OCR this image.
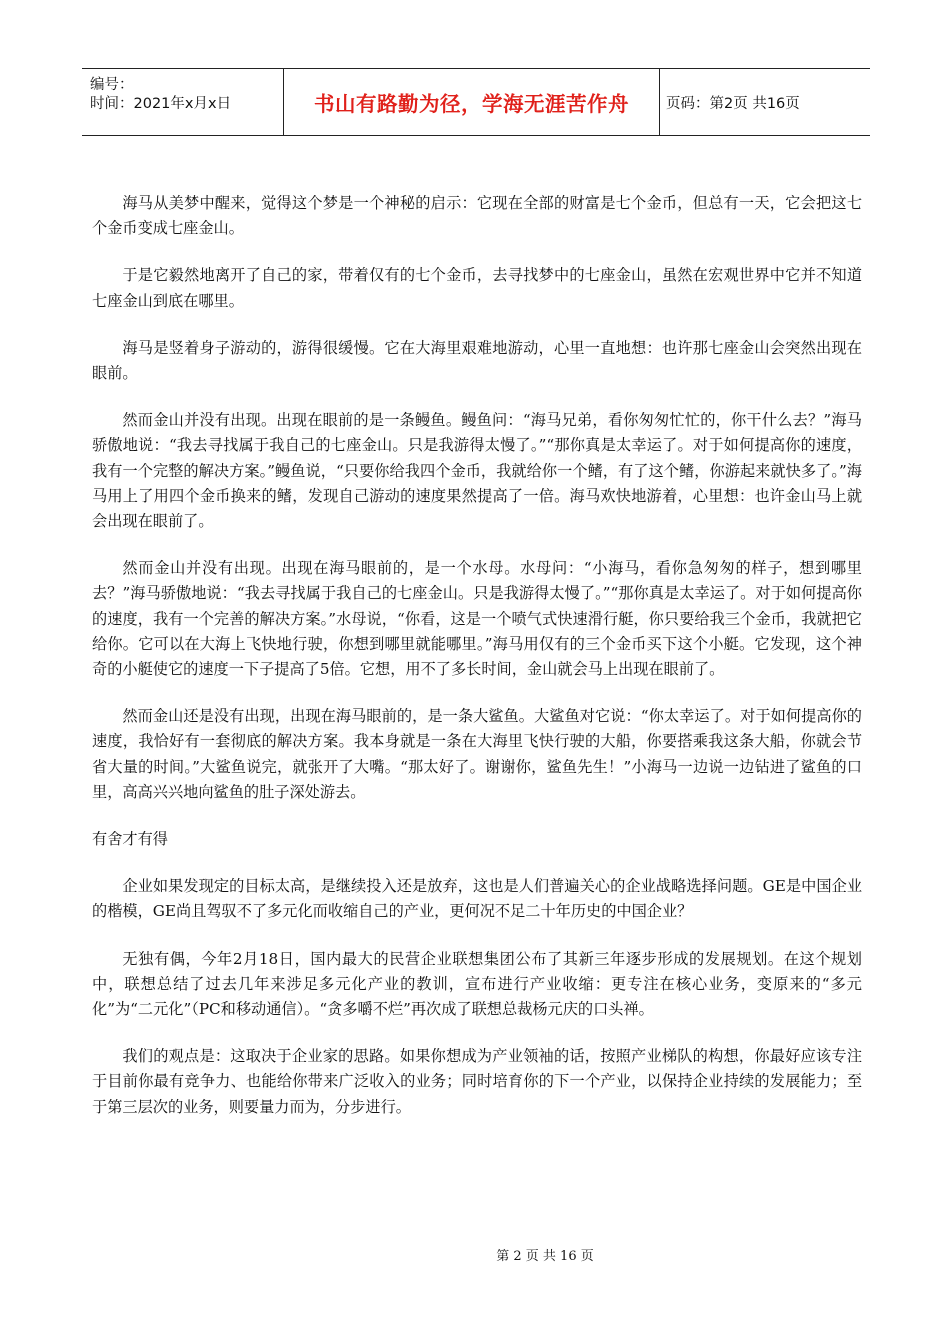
编号：
时间：2021年x月x日	书山有路勤为径，学海无涯苦作舟	页码：第2页 共16页

海马从美梦中醒来，觉得这个梦是一个神秘的启示：它现在全部的财富是七个金币，但总有一天，它会把这七个金币变成七座金山。

于是它毅然地离开了自己的家，带着仅有的七个金币，去寻找梦中的七座金山，虽然在宏观世界中它并不知道七座金山到底在哪里。

海马是竖着身子游动的，游得很缓慢。它在大海里艰难地游动，心里一直地想：也许那七座金山会突然出现在眼前。

然而金山并没有出现。出现在眼前的是一条鳗鱼。鳗鱼问：“海马兄弟，看你匆匆忙忙的，你干什么去？”海马骄傲地说：“我去寻找属于我自己的七座金山。只是我游得太慢了。”“那你真是太幸运了。对于如何提高你的速度，我有一个完整的解决方案。”鳗鱼说，“只要你给我四个金币，我就给你一个鳍，有了这个鳍，你游起来就快多了。”海马用上了用四个金币换来的鳍，发现自己游动的速度果然提高了一倍。海马欢快地游着，心里想：也许金山马上就会出现在眼前了。

然而金山并没有出现。出现在海马眼前的，是一个水母。水母问：“小海马，看你急匆匆的样子，想到哪里去？”海马骄傲地说：“我去寻找属于我自己的七座金山。只是我游得太慢了。”“那你真是太幸运了。对于如何提高你的速度，我有一个完善的解决方案。”水母说，“你看，这是一个喷气式快速滑行艇，你只要给我三个金币，我就把它给你。它可以在大海上飞快地行驶，你想到哪里就能哪里。”海马用仅有的三个金币买下这个小艇。它发现，这个神奇的小艇使它的速度一下子提高了5倍。它想，用不了多长时间，金山就会马上出现在眼前了。

然而金山还是没有出现，出现在海马眼前的，是一条大鲨鱼。大鲨鱼对它说：“你太幸运了。对于如何提高你的速度，我恰好有一套彻底的解决方案。我本身就是一条在大海里飞快行驶的大船，你要搭乘我这条大船，你就会节省大量的时间。”大鲨鱼说完，就张开了大嘴。“那太好了。谢谢你，鲨鱼先生！”小海马一边说一边钻进了鲨鱼的口里，高高兴兴地向鲨鱼的肚子深处游去。

有舍才有得

企业如果发现定的目标太高，是继续投入还是放弃，这也是人们普遍关心的企业战略选择问题。GE是中国企业的楷模，GE尚且驾驭不了多元化而收缩自己的产业，更何况不足二十年历史的中国企业？

无独有偶，今年2月18日，国内最大的民营企业联想集团公布了其新三年逐步形成的发展规划。在这个规划中，联想总结了过去几年来涉足多元化产业的教训，宣布进行产业收缩：更专注在核心业务，变原来的“多元化”为“二元化”（PC和移动通信）。“贪多嚼不烂”再次成了联想总裁杨元庆的口头禅。

我们的观点是：这取决于企业家的思路。如果你想成为产业领袖的话，按照产业梯队的构想，你最好应该专注于目前你最有竞争力、也能给你带来广泛收入的业务；同时培育你的下一个产业，以保持企业持续的发展能力；至于第三层次的业务，则要量力而为，分步进行。

第 2 页 共 16 页
